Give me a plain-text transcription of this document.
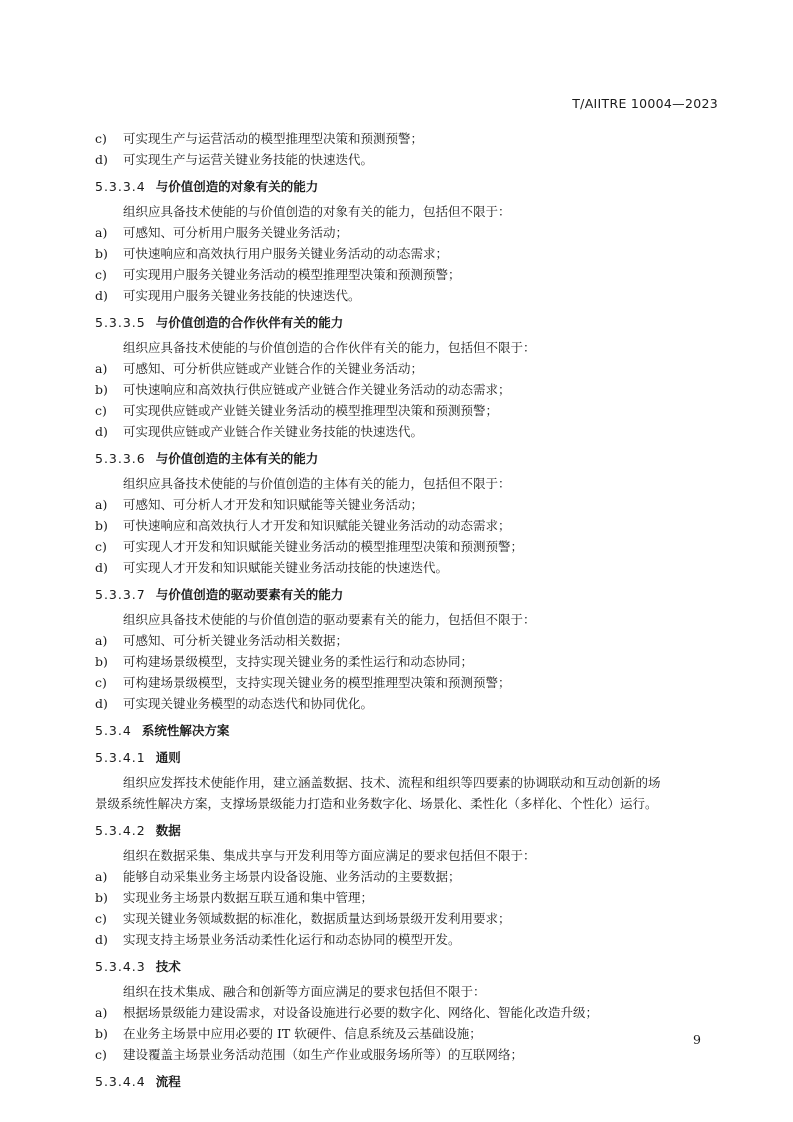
T/AIITRE 10004—2023
c) 可实现生产与运营活动的模型推理型决策和预测预警；
d) 可实现生产与运营关键业务技能的快速迭代。
5.3.3.4 与价值创造的对象有关的能力
组织应具备技术使能的与价值创造的对象有关的能力，包括但不限于：
a) 可感知、可分析用户服务关键业务活动；
b) 可快速响应和高效执行用户服务关键业务活动的动态需求；
c) 可实现用户服务关键业务活动的模型推理型决策和预测预警；
d) 可实现用户服务关键业务技能的快速迭代。
5.3.3.5 与价值创造的合作伙伴有关的能力
组织应具备技术使能的与价值创造的合作伙伴有关的能力，包括但不限于：
a) 可感知、可分析供应链或产业链合作的关键业务活动；
b) 可快速响应和高效执行供应链或产业链合作关键业务活动的动态需求；
c) 可实现供应链或产业链关键业务活动的模型推理型决策和预测预警；
d) 可实现供应链或产业链合作关键业务技能的快速迭代。
5.3.3.6 与价值创造的主体有关的能力
组织应具备技术使能的与价值创造的主体有关的能力，包括但不限于：
a) 可感知、可分析人才开发和知识赋能等关键业务活动；
b) 可快速响应和高效执行人才开发和知识赋能关键业务活动的动态需求；
c) 可实现人才开发和知识赋能关键业务活动的模型推理型决策和预测预警；
d) 可实现人才开发和知识赋能关键业务活动技能的快速迭代。
5.3.3.7 与价值创造的驱动要素有关的能力
组织应具备技术使能的与价值创造的驱动要素有关的能力，包括但不限于：
a) 可感知、可分析关键业务活动相关数据；
b) 可构建场景级模型，支持实现关键业务的柔性运行和动态协同；
c) 可构建场景级模型，支持实现关键业务的模型推理型决策和预测预警；
d) 可实现关键业务模型的动态迭代和协同优化。
5.3.4 系统性解决方案
5.3.4.1 通则
组织应发挥技术使能作用，建立涵盖数据、技术、流程和组织等四要素的协调联动和互动创新的场
景级系统性解决方案，支撑场景级能力打造和业务数字化、场景化、柔性化（多样化、个性化）运行。
5.3.4.2 数据
组织在数据采集、集成共享与开发利用等方面应满足的要求包括但不限于：
a) 能够自动采集业务主场景内设备设施、业务活动的主要数据；
b) 实现业务主场景内数据互联互通和集中管理；
c) 实现关键业务领域数据的标准化，数据质量达到场景级开发利用要求；
d) 实现支持主场景业务活动柔性化运行和动态协同的模型开发。
5.3.4.3 技术
组织在技术集成、融合和创新等方面应满足的要求包括但不限于：
a) 根据场景级能力建设需求，对设备设施进行必要的数字化、网络化、智能化改造升级；
b) 在业务主场景中应用必要的 IT 软硬件、信息系统及云基础设施；
c) 建设覆盖主场景业务活动范围（如生产作业或服务场所等）的互联网络；
5.3.4.4 流程
9
